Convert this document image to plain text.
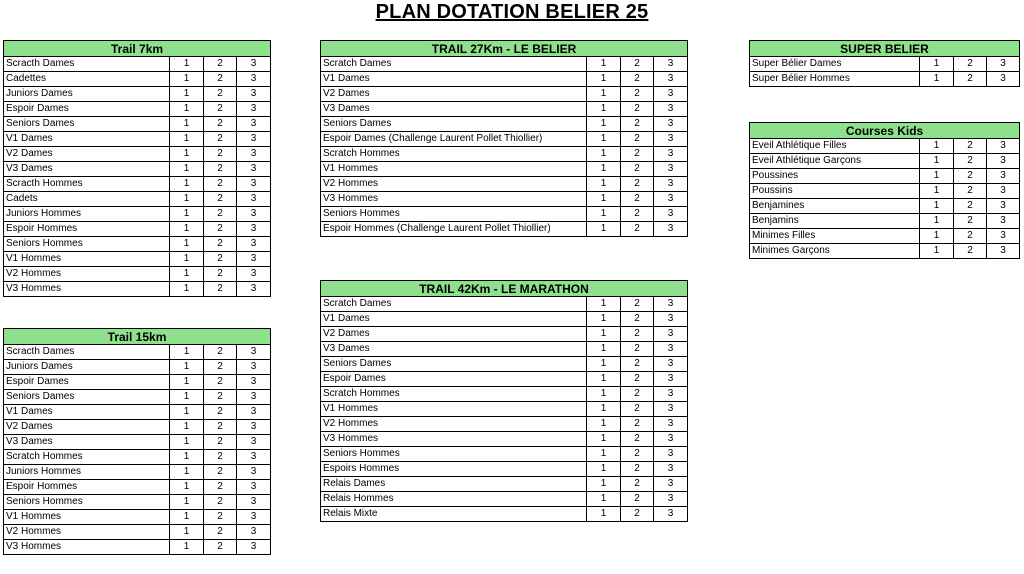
PLAN DOTATION BELIER 25
Trail 7km			
Scracth Dames	1	2	3
Cadettes	1	2	3
Juniors Dames	1	2	3
Espoir Dames	1	2	3
Seniors Dames	1	2	3
V1 Dames	1	2	3
V2 Dames	1	2	3
V3 Dames	1	2	3
Scracth Hommes	1	2	3
Cadets	1	2	3
Juniors Hommes	1	2	3
Espoir Hommes	1	2	3
Seniors Hommes	1	2	3
V1 Hommes	1	2	3
V2 Hommes	1	2	3
V3 Hommes	1	2	3
Trail 15km			
Scracth Dames	1	2	3
Juniors Dames	1	2	3
Espoir Dames	1	2	3
Seniors Dames	1	2	3
V1 Dames	1	2	3
V2 Dames	1	2	3
V3 Dames	1	2	3
Scratch Hommes	1	2	3
Juniors Hommes	1	2	3
Espoir Hommes	1	2	3
Seniors Hommes	1	2	3
V1 Hommes	1	2	3
V2 Hommes	1	2	3
V3 Hommes	1	2	3
TRAIL 27Km - LE BELIER			
Scratch Dames	1	2	3
V1 Dames	1	2	3
V2 Dames	1	2	3
V3 Dames	1	2	3
Seniors Dames	1	2	3
Espoir Dames (Challenge Laurent Pollet Thiollier)	1	2	3
Scratch Hommes	1	2	3
V1 Hommes	1	2	3
V2 Hommes	1	2	3
V3 Hommes	1	2	3
Seniors Hommes	1	2	3
Espoir Hommes (Challenge Laurent Pollet Thiollier)	1	2	3
TRAIL 42Km - LE MARATHON			
Scratch Dames	1	2	3
V1 Dames	1	2	3
V2 Dames	1	2	3
V3 Dames	1	2	3
Seniors Dames	1	2	3
Espoir Dames	1	2	3
Scratch Hommes	1	2	3
V1 Hommes	1	2	3
V2 Hommes	1	2	3
V3 Hommes	1	2	3
Seniors Hommes	1	2	3
Espoirs Hommes	1	2	3
Relais Dames	1	2	3
Relais Hommes	1	2	3
Relais Mixte	1	2	3
SUPER BELIER			
Super Bélier Dames	1	2	3
Super Bélier Hommes	1	2	3
Courses Kids			
Eveil Athlétique Filles	1	2	3
Eveil Athlétique Garçons	1	2	3
Poussines	1	2	3
Poussins	1	2	3
Benjamines	1	2	3
Benjamins	1	2	3
Minimes Filles	1	2	3
Minimes Garçons	1	2	3
